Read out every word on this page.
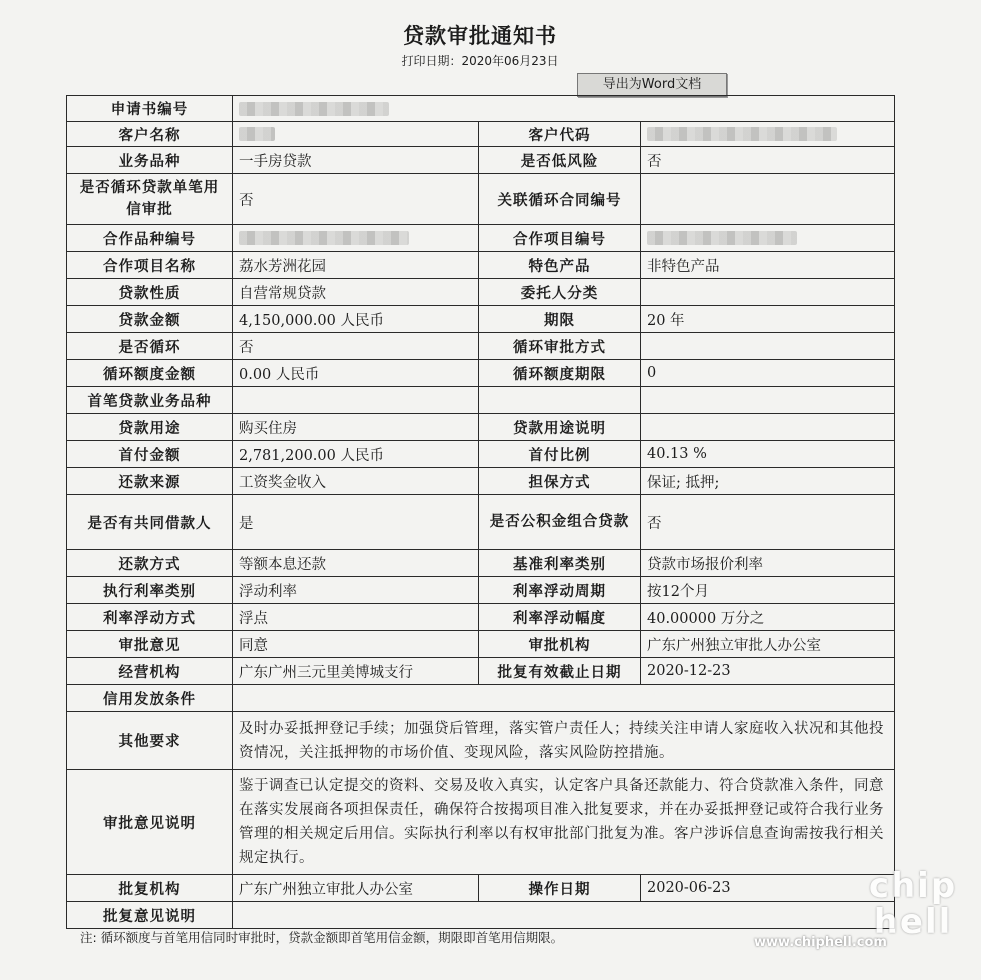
贷款审批通知书
打印日期：2020年06月23日
导出为Word文档
申请书编号			
客户名称		客户代码	
业务品种	一手房贷款	是否低风险	否
是否循环贷款单笔用信审批	否	关联循环合同编号	
合作品种编号		合作项目编号	
合作项目名称	荔水芳洲花园	特色产品	非特色产品
贷款性质	自营常规贷款	委托人分类	
贷款金额	4,150,000.00 人民币	期限	20 年
是否循环	否	循环审批方式	
循环额度金额	0.00 人民币	循环额度期限	0
首笔贷款业务品种			
贷款用途	购买住房	贷款用途说明	
首付金额	2,781,200.00 人民币	首付比例	40.13 %
还款来源	工资奖金收入	担保方式	保证; 抵押;
是否有共同借款人	是	是否公积金组合贷款	否
还款方式	等额本息还款	基准利率类别	贷款市场报价利率
执行利率类别	浮动利率	利率浮动周期	按12个月
利率浮动方式	浮点	利率浮动幅度	40.00000 万分之
审批意见	同意	审批机构	广东广州独立审批人办公室
经营机构	广东广州三元里美博城支行	批复有效截止日期	2020-12-23
信用发放条件			
其他要求	及时办妥抵押登记手续；加强贷后管理，落实管户责任人；持续关注申请人家庭收入状况和其他投资情况，关注抵押物的市场价值、变现风险，落实风险防控措施。		
审批意见说明	鉴于调查已认定提交的资料、交易及收入真实，认定客户具备还款能力、符合贷款准入条件，同意在落实发展商各项担保责任，确保符合按揭项目准入批复要求，并在办妥抵押登记或符合我行业务管理的相关规定后用信。实际执行利率以有权审批部门批复为准。客户涉诉信息查询需按我行相关规定执行。		
批复机构	广东广州独立审批人办公室	操作日期	2020-06-23
批复意见说明			
注: 循环额度与首笔用信同时审批时，贷款金额即首笔用信金额，期限即首笔用信期限。
chip hell
www.chiphell.com
